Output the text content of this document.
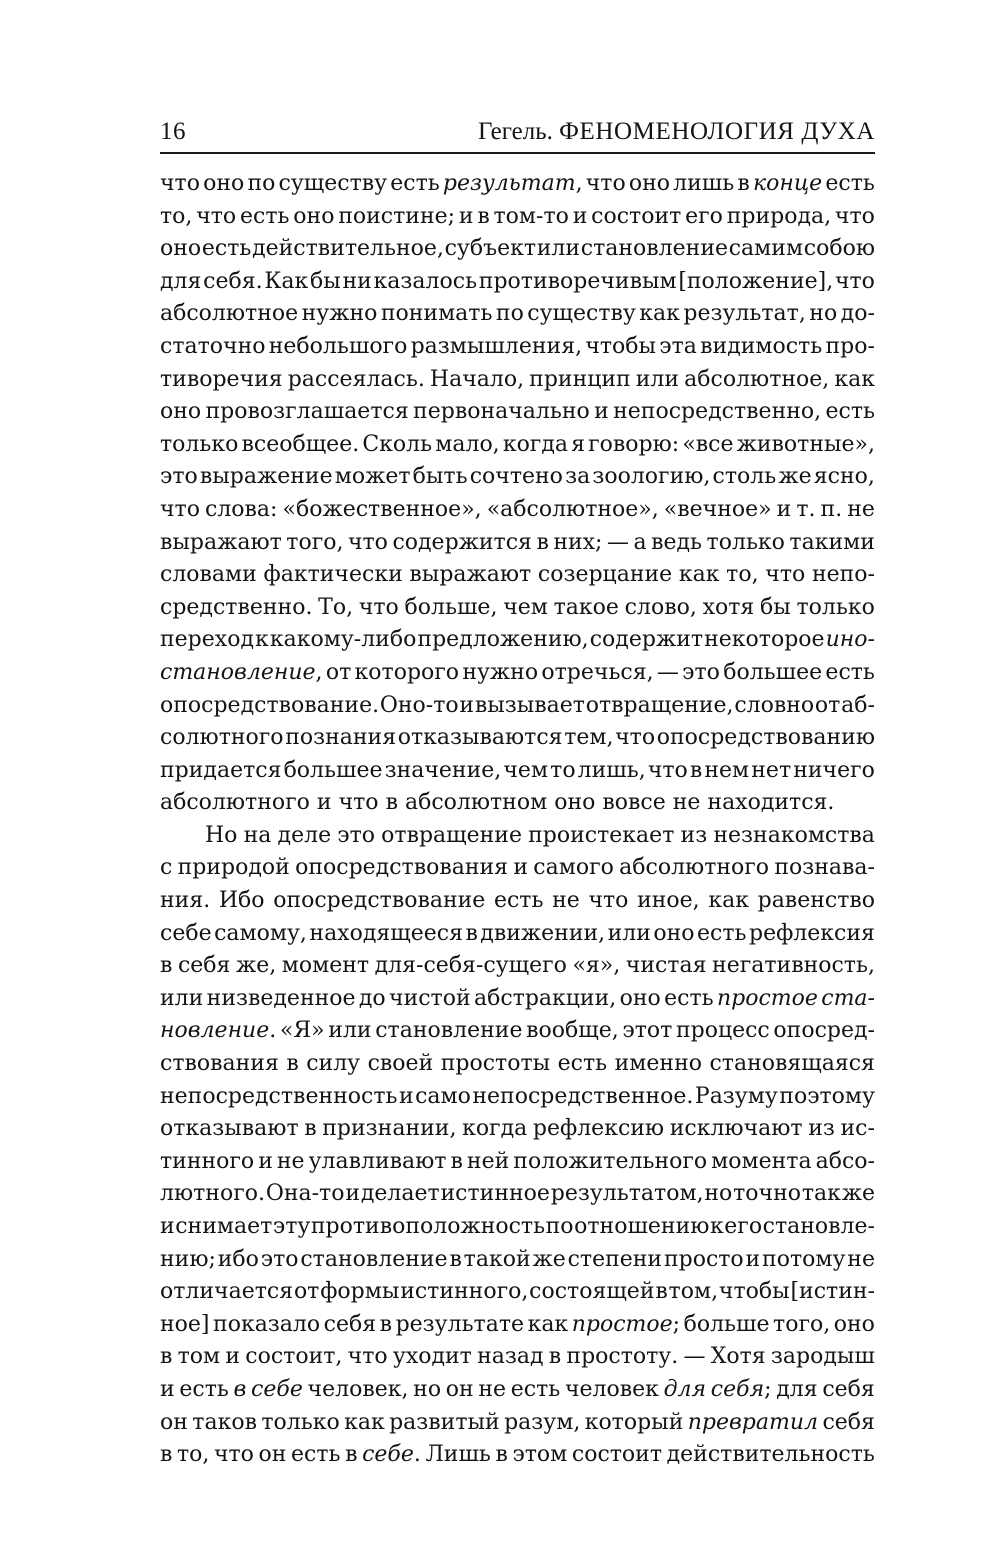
16	Гегель. ФЕНОМЕНОЛОГИЯ ДУХА
что оно по существу есть результат, что оно лишь в конце есть
то, что есть оно поистине; и в том-то и состоит его природа, что
оно есть действительное, субъект или становление самим собою
для себя. Как бы ни казалось противоречивым [положение], что
абсолютное нужно понимать по существу как результат, но до-
статочно небольшого размышления, чтобы эта видимость про-
тиворечия рассеялась. Начало, принцип или абсолютное, как
оно провозглашается первоначально и непосредственно, есть
только всеобщее. Сколь мало, когда я говорю: «все животные»,
это выражение может быть сочтено за зоологию, столь же ясно,
что слова: «божественное», «абсолютное», «вечное» и т. п. не
выражают того, что содержится в них; — а ведь только такими
словами фактически выражают созерцание как то, что непо-
средственно. То, что больше, чем такое слово, хотя бы только
переход к какому-либо предложению, содержит некоторое ино-
становление, от которого нужно отречься, — это большее есть
опосредствование. Оно-то и вызывает отвращение, словно от аб-
солютного познания отказываются тем, что опосредствованию
придается большее значение, чем то лишь, что в нем нет ничего
абсолютного и что в абсолютном оно вовсе не находится.
Но на деле это отвращение проистекает из незнакомства
с природой опосредствования и самого абсолютного познава-
ния. Ибо опосредствование есть не что иное, как равенство
себе самому, находящееся в движении, или оно есть рефлексия
в себя же, момент для-себя-сущего «я», чистая негативность,
или низведенное до чистой абстракции, оно есть простое ста-
новление. «Я» или становление вообще, этот процесс опосред-
ствования в силу своей простоты есть именно становящаяся
непосредственность и само непосредственное. Разуму поэтому
отказывают в признании, когда рефлексию исключают из ис-
тинного и не улавливают в ней положительного момента абсо-
лютного. Она-то и делает истинное результатом, но точно так же
и снимает эту противоположность по отношению к его становле-
нию; ибо это становление в такой же степени просто и потому не
отличается от формы истинного, состоящей в том, чтобы [истин-
ное] показало себя в результате как простое; больше того, оно
в том и состоит, что уходит назад в простоту. — Хотя зародыш
и есть в себе человек, но он не есть человек для себя; для себя
он таков только как развитый разум, который превратил себя
в то, что он есть в себе. Лишь в этом состоит действительность
